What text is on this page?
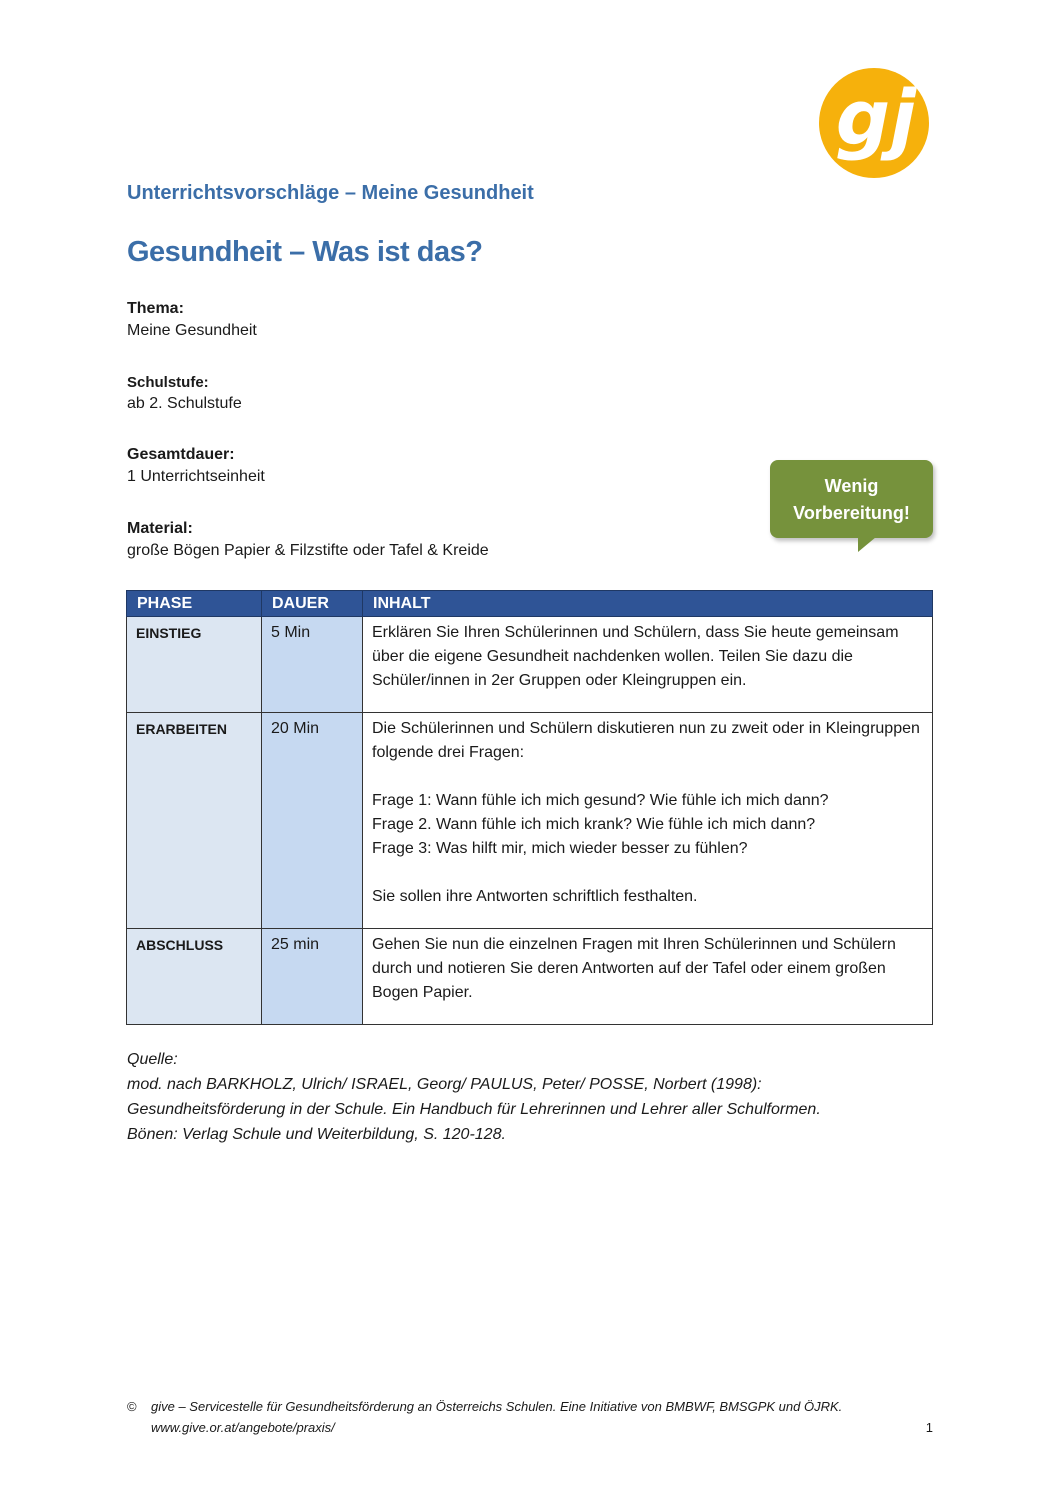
gj
Unterrichtsvorschläge – Meine Gesundheit
Gesundheit – Was ist das?
Thema:
Meine Gesundheit
Schulstufe:
ab 2. Schulstufe
Gesamtdauer:
1 Unterrichtseinheit
Material:
große Bögen Papier & Filzstifte oder Tafel & Kreide
Wenig
Vorbereitung!
PHASE	DAUER	INHALT
EINSTIEG	5 Min	Erklären Sie Ihren Schülerinnen und Schülern, dass Sie heute gemeinsam über die eigene Gesundheit nachdenken wollen. Teilen Sie dazu die Schüler/innen in 2er Gruppen oder Kleingruppen ein.

ERARBEITEN	20 Min	Die Schülerinnen und Schülern diskutieren nun zu zweit oder in Kleingruppen folgende drei Fragen:

Frage 1: Wann fühle ich mich gesund? Wie fühle ich mich dann?
Frage 2. Wann fühle ich mich krank? Wie fühle ich mich dann?
Frage 3: Was hilft mir, mich wieder besser zu fühlen?

Sie sollen ihre Antworten schriftlich festhalten.

ABSCHLUSS	25 min	Gehen Sie nun die einzelnen Fragen mit Ihren Schülerinnen und Schülern durch und notieren Sie deren Antworten auf der Tafel oder einem großen Bogen Papier.

Quelle:
mod. nach BARKHOLZ, Ulrich/ ISRAEL, Georg/ PAULUS, Peter/ POSSE, Norbert (1998):
Gesundheitsförderung in der Schule. Ein Handbuch für Lehrerinnen und Lehrer aller Schulformen.
Bönen: Verlag Schule und Weiterbildung, S. 120-128.
©	give – Servicestelle für Gesundheitsförderung an Österreichs Schulen. Eine Initiative von BMBWF, BMSGPK und ÖJRK.
www.give.or.at/angebote/praxis/	1
